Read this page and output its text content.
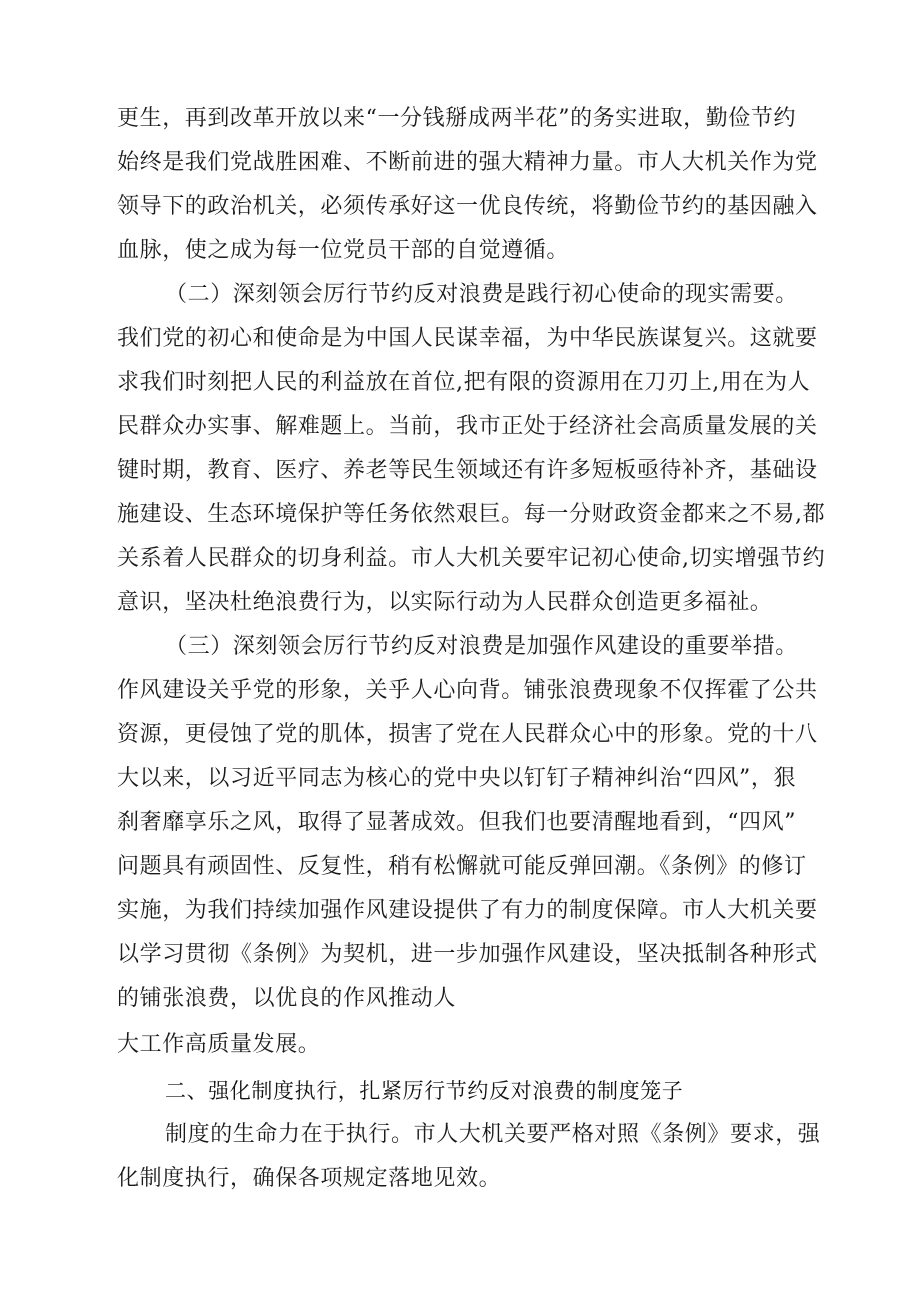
更生，再到改革开放以来“一分钱掰成两半花”的务实进取，勤俭节约
始终是我们党战胜困难、不断前进的强大精神力量。市人大机关作为党
领导下的政治机关，必须传承好这一优良传统，将勤俭节约的基因融入
血脉，使之成为每一位党员干部的自觉遵循。
（二）深刻领会厉行节约反对浪费是践行初心使命的现实需要。
我们党的初心和使命是为中国人民谋幸福，为中华民族谋复兴。这就要
求我们时刻把人民的利益放在首位,把有限的资源用在刀刃上,用在为人
民群众办实事、解难题上。当前，我市正处于经济社会高质量发展的关
键时期，教育、医疗、养老等民生领域还有许多短板亟待补齐，基础设
施建设、生态环境保护等任务依然艰巨。每一分财政资金都来之不易,都
关系着人民群众的切身利益。市人大机关要牢记初心使命,切实增强节约
意识，坚决杜绝浪费行为，以实际行动为人民群众创造更多福祉。
（三）深刻领会厉行节约反对浪费是加强作风建设的重要举措。
作风建设关乎党的形象，关乎人心向背。铺张浪费现象不仅挥霍了公共
资源，更侵蚀了党的肌体，损害了党在人民群众心中的形象。党的十八
大以来，以习近平同志为核心的党中央以钉钉子精神纠治“四风”，狠
刹奢靡享乐之风，取得了显著成效。但我们也要清醒地看到，“四风”
问题具有顽固性、反复性，稍有松懈就可能反弹回潮。《条例》的修订
实施，为我们持续加强作风建设提供了有力的制度保障。市人大机关要
以学习贯彻《条例》为契机，进一步加强作风建设，坚决抵制各种形式
的铺张浪费，以优良的作风推动人
大工作高质量发展。
二、强化制度执行，扎紧厉行节约反对浪费的制度笼子
制度的生命力在于执行。市人大机关要严格对照《条例》要求，强
化制度执行，确保各项规定落地见效。
